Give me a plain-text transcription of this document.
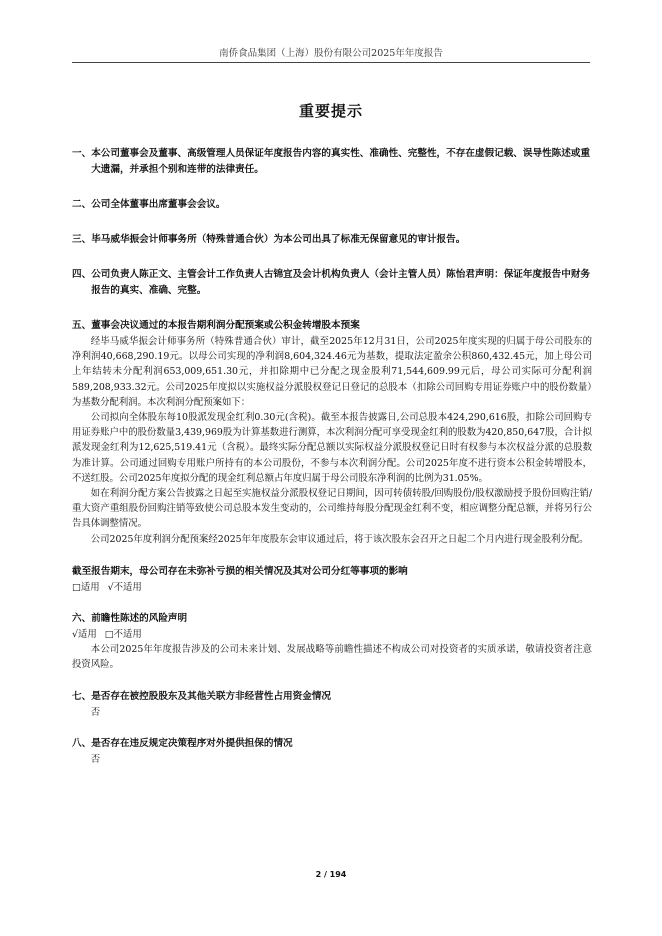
南侨食品集团（上海）股份有限公司2025年年度报告
重要提示
一、 本公司董事会及董事、高级管理人员保证年度报告内容的真实性、准确性、完整性，不存在虚假记载、误导性陈述或重大遗漏，并承担个别和连带的法律责任。
二、 公司全体董事出席董事会会议。
三、 毕马威华振会计师事务所（特殊普通合伙）为本公司出具了标准无保留意见的审计报告。
四、 公司负责人陈正文、主管会计工作负责人古锦宜及会计机构负责人（会计主管人员）陈怡君声明：保证年度报告中财务报告的真实、准确、完整。
五、 董事会决议通过的本报告期利润分配预案或公积金转增股本预案

经毕马威华振会计师事务所（特殊普通合伙）审计，截至2025年12月31日，公司2025年度实现的归属于母公司股东的净利润40,668,290.19元。以母公司实现的净利润8,604,324.46元为基数，提取法定盈余公积860,432.45元，加上母公司上年结转未分配利润653,009,651.30元，并扣除期中已分配之现金股利71,544,609.99元后，母公司实际可分配利润589,208,933.32元。公司2025年度拟以实施权益分派股权登记日登记的总股本（扣除公司回购专用证券账户中的股份数量）为基数分配利润。本次利润分配预案如下：

公司拟向全体股东每10股派发现金红利0.30元(含税)。截至本报告披露日,公司总股本424,290,616股，扣除公司回购专用证券账户中的股份数量3,439,969股为计算基数进行测算，本次利润分配可享受现金红利的股数为420,850,647股，合计拟派发现金红利为12,625,519.41元（含税）。最终实际分配总额以实际权益分派股权登记日时有权参与本次权益分派的总股数为准计算。公司通过回购专用账户所持有的本公司股份，不参与本次利润分配。公司2025年度不进行资本公积金转增股本，不送红股。公司2025年度拟分配的现金红利总额占年度归属于母公司股东净利润的比例为31.05%。

如在利润分配方案公告披露之日起至实施权益分派股权登记日期间，因可转债转股/回购股份/股权激励授予股份回购注销/重大资产重组股份回购注销等致使公司总股本发生变动的，公司维持每股分配现金红利不变，相应调整分配总额，并将另行公告具体调整情况。

公司2025年度利润分配预案经2025年年度股东会审议通过后，将于该次股东会召开之日起二个月内进行现金股利分配。

截至报告期末，母公司存在未弥补亏损的相关情况及其对公司分红等事项的影响

□适用 √不适用

六、 前瞻性陈述的风险声明

√适用 □不适用

本公司2025年年度报告涉及的公司未来计划、发展战略等前瞻性描述不构成公司对投资者的实质承诺，敬请投资者注意投资风险。

七、 是否存在被控股股东及其他关联方非经营性占用资金情况

否

八、 是否存在违反规定决策程序对外提供担保的情况

否

2 / 194
